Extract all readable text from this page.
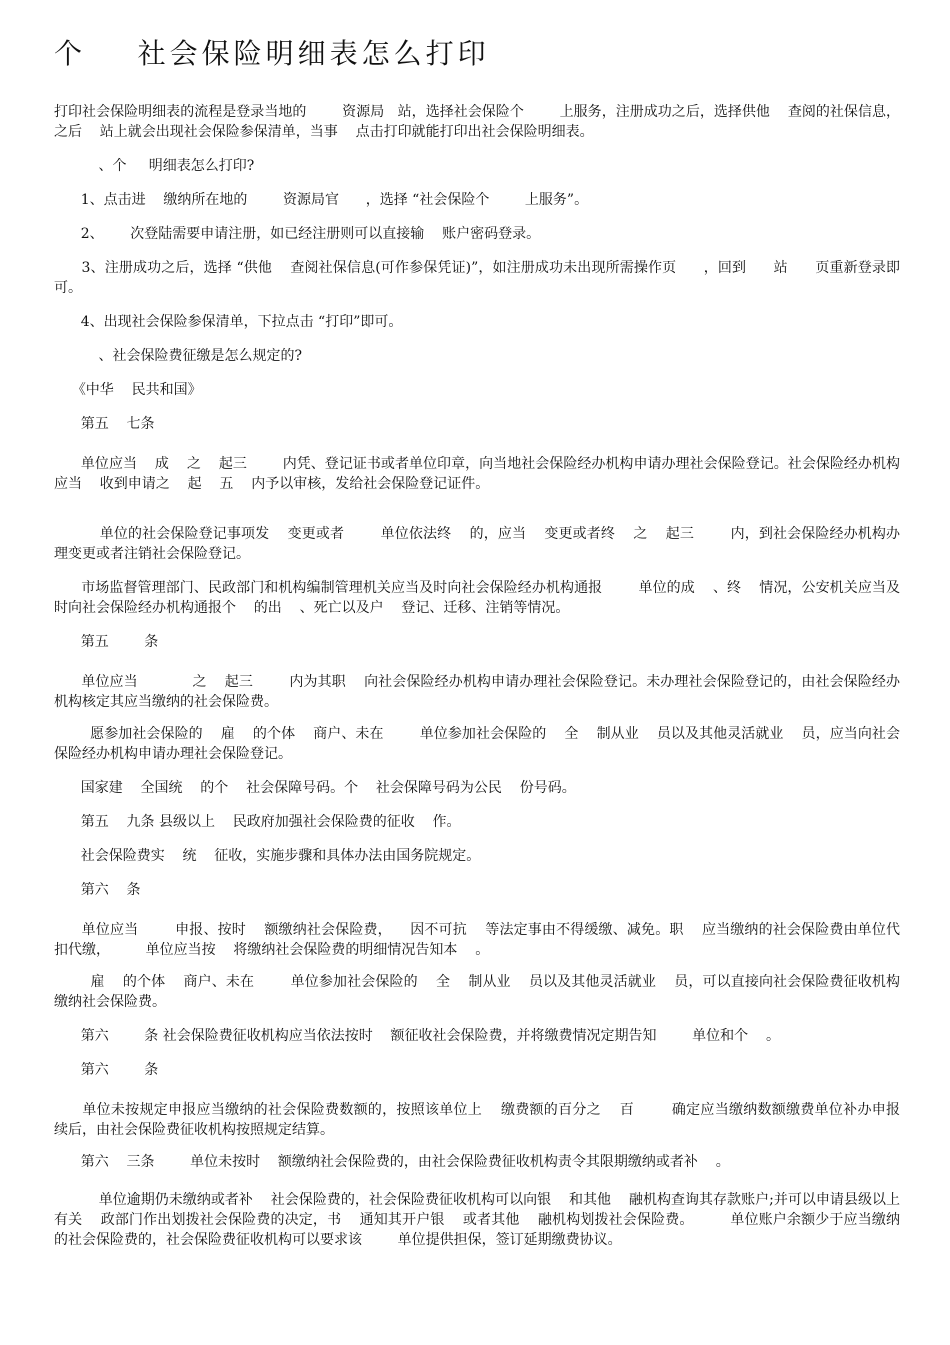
个    社会保险明细表怎么打印

打印社会保险明细表的流程是登录当地的        资源局   站，选择社会保险个        上服务，注册成功之后，选择供他    查阅的社保信息，之后    站上就会出现社会保险参保清单，当事    点击打印就能打印出社会保险明细表。

、个     明细表怎么打印?

1、点击进    缴纳所在地的        资源局官      ，选择 “社会保险个        上服务”。

2、      次登陆需要申请注册，如已经注册则可以直接输    账户密码登录。

3、注册成功之后，选择 “供他    查阅社保信息(可作参保凭证)”，如注册成功未出现所需操作页      ，回到      站      页重新登录即可。

4、出现社会保险参保清单，下拉点击 “打印”即可。

、社会保险费征缴是怎么规定的?

《中华    民共和国》

第五    七条

单位应当    成    之    起三        内凭、登记证书或者单位印章，向当地社会保险经办机构申请办理社会保险登记。社会保险经办机构应当    收到申请之    起    五    内予以审核，发给社会保险登记证件。

单位的社会保险登记事项发    变更或者        单位依法终    的，应当    变更或者终    之    起三        内，到社会保险经办机构办理变更或者注销社会保险登记。

市场监督管理部门、民政部门和机构编制管理机关应当及时向社会保险经办机构通报        单位的成    、终    情况，公安机关应当及时向社会保险经办机构通报个    的出    、死亡以及户    登记、迁移、注销等情况。

第五        条

单位应当            之    起三        内为其职    向社会保险经办机构申请办理社会保险登记。未办理社会保险登记的，由社会保险经办机构核定其应当缴纳的社会保险费。

愿参加社会保险的    雇    的个体    商户、未在        单位参加社会保险的    全    制从业    员以及其他灵活就业    员，应当向社会保险经办机构申请办理社会保险登记。

国家建    全国统    的个    社会保障号码。个    社会保障号码为公民    份号码。

第五    九条 县级以上    民政府加强社会保险费的征收    作。

社会保险费实    统    征收，实施步骤和具体办法由国务院规定。

第六    条

单位应当        申报、按时    额缴纳社会保险费，    因不可抗    等法定事由不得缓缴、减免。职    应当缴纳的社会保险费由单位代扣代缴，        单位应当按    将缴纳社会保险费的明细情况告知本    。

雇    的个体    商户、未在        单位参加社会保险的    全    制从业    员以及其他灵活就业    员，可以直接向社会保险费征收机构缴纳社会保险费。

第六        条 社会保险费征收机构应当依法按时    额征收社会保险费，并将缴费情况定期告知        单位和个    。

第六        条

单位未按规定申报应当缴纳的社会保险费数额的，按照该单位上    缴费额的百分之    百        确定应当缴纳数额缴费单位补办申报    续后，由社会保险费征收机构按照规定结算。

第六    三条        单位未按时    额缴纳社会保险费的，由社会保险费征收机构责令其限期缴纳或者补    。

单位逾期仍未缴纳或者补    社会保险费的，社会保险费征收机构可以向银    和其他    融机构查询其存款账户;并可以申请县级以上有关    政部门作出划拨社会保险费的决定，书    通知其开户银    或者其他    融机构划拨社会保险费。        单位账户余额少于应当缴纳的社会保险费的，社会保险费征收机构可以要求该        单位提供担保，签订延期缴费协议。
